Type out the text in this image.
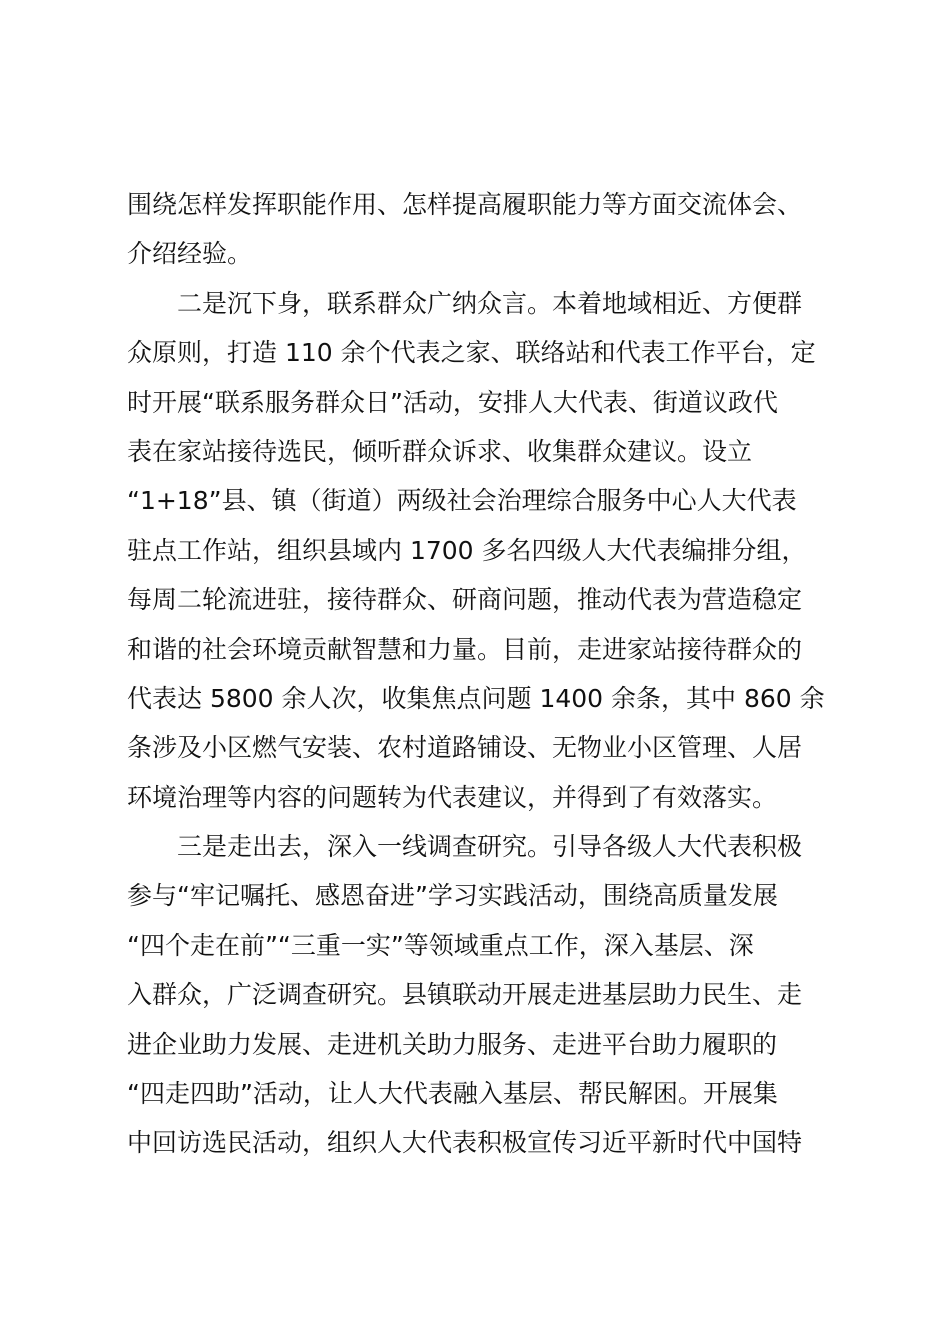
围绕怎样发挥职能作用、怎样提高履职能力等方面交流体会、
介绍经验。
二是沉下身，联系群众广纳众言。本着地域相近、方便群
众原则，打造 110 余个代表之家、联络站和代表工作平台，定
时开展“联系服务群众日”活动，安排人大代表、街道议政代
表在家站接待选民，倾听群众诉求、收集群众建议。设立
“1+18”县、镇（街道）两级社会治理综合服务中心人大代表
驻点工作站，组织县域内 1700 多名四级人大代表编排分组，
每周二轮流进驻，接待群众、研商问题，推动代表为营造稳定
和谐的社会环境贡献智慧和力量。目前，走进家站接待群众的
代表达 5800 余人次，收集焦点问题 1400 余条，其中 860 余
条涉及小区燃气安装、农村道路铺设、无物业小区管理、人居
环境治理等内容的问题转为代表建议，并得到了有效落实。
三是走出去，深入一线调查研究。引导各级人大代表积极
参与“牢记嘱托、感恩奋进”学习实践活动，围绕高质量发展
“四个走在前”“三重一实”等领域重点工作，深入基层、深
入群众，广泛调查研究。县镇联动开展走进基层助力民生、走
进企业助力发展、走进机关助力服务、走进平台助力履职的
“四走四助”活动，让人大代表融入基层、帮民解困。开展集
中回访选民活动，组织人大代表积极宣传习近平新时代中国特
